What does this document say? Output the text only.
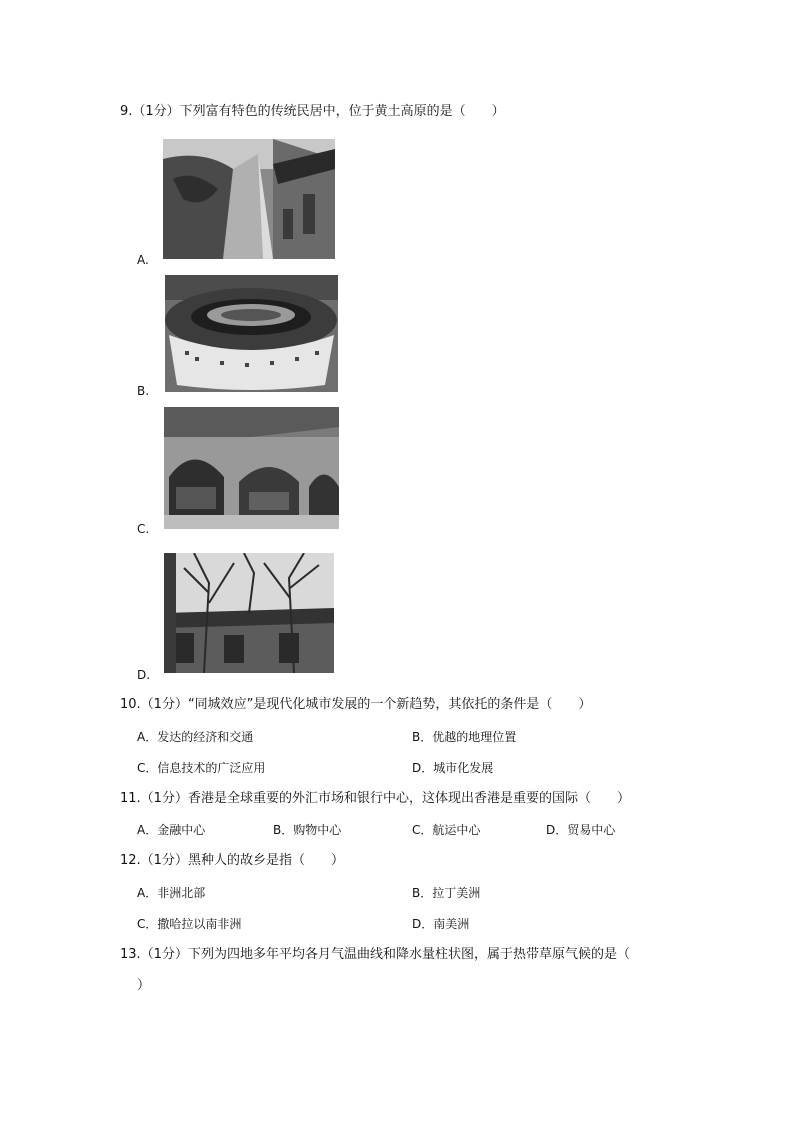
9.（1分）下列富有特色的传统民居中，位于黄土高原的是（　　）
A.
B.
C.
D.
10.（1分）“同城效应”是现代化城市发展的一个新趋势，其依托的条件是（　　）
A．发达的经济和交通	B．优越的地理位置
C．信息技术的广泛应用	D．城市化发展
11.（1分）香港是全球重要的外汇市场和银行中心，这体现出香港是重要的国际（　　）
A．金融中心	B．购物中心	C．航运中心	D．贸易中心
12.（1分）黑种人的故乡是指（　　）
A．非洲北部	B．拉丁美洲
C．撒哈拉以南非洲	D．南美洲
13.（1分）下列为四地多年平均各月气温曲线和降水量柱状图，属于热带草原气候的是（
）
